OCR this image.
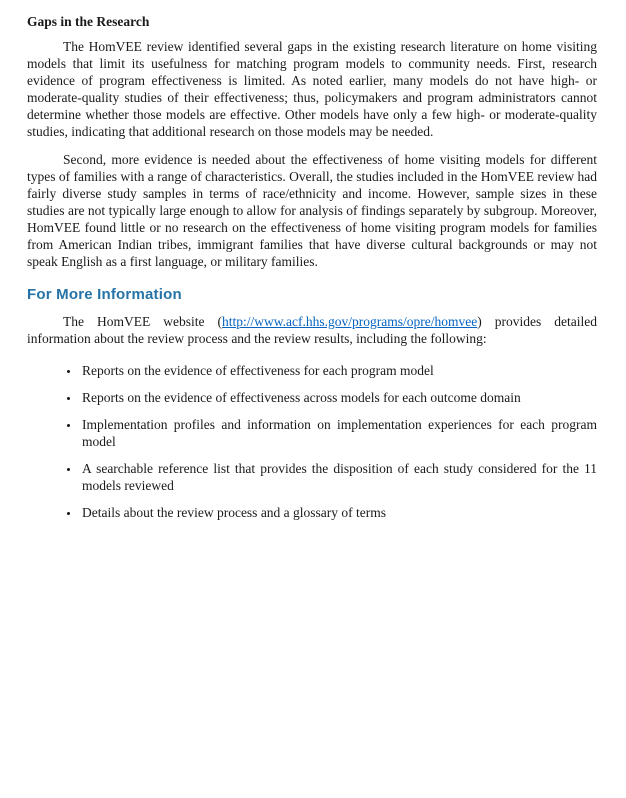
Gaps in the Research

The HomVEE review identified several gaps in the existing research literature on home visiting models that limit its usefulness for matching program models to community needs. First, research evidence of program effectiveness is limited. As noted earlier, many models do not have high- or moderate-quality studies of their effectiveness; thus, policymakers and program administrators cannot determine whether those models are effective. Other models have only a few high- or moderate-quality studies, indicating that additional research on those models may be needed.

Second, more evidence is needed about the effectiveness of home visiting models for different types of families with a range of characteristics. Overall, the studies included in the HomVEE review had fairly diverse study samples in terms of race/ethnicity and income. However, sample sizes in these studies are not typically large enough to allow for analysis of findings separately by subgroup. Moreover, HomVEE found little or no research on the effectiveness of home visiting program models for families from American Indian tribes, immigrant families that have diverse cultural backgrounds or may not speak English as a first language, or military families.

For More Information

The HomVEE website (http://www.acf.hhs.gov/programs/opre/homvee) provides detailed information about the review process and the review results, including the following:

• Reports on the evidence of effectiveness for each program model
• Reports on the evidence of effectiveness across models for each outcome domain
• Implementation profiles and information on implementation experiences for each program model
• A searchable reference list that provides the disposition of each study considered for the 11 models reviewed
• Details about the review process and a glossary of terms
